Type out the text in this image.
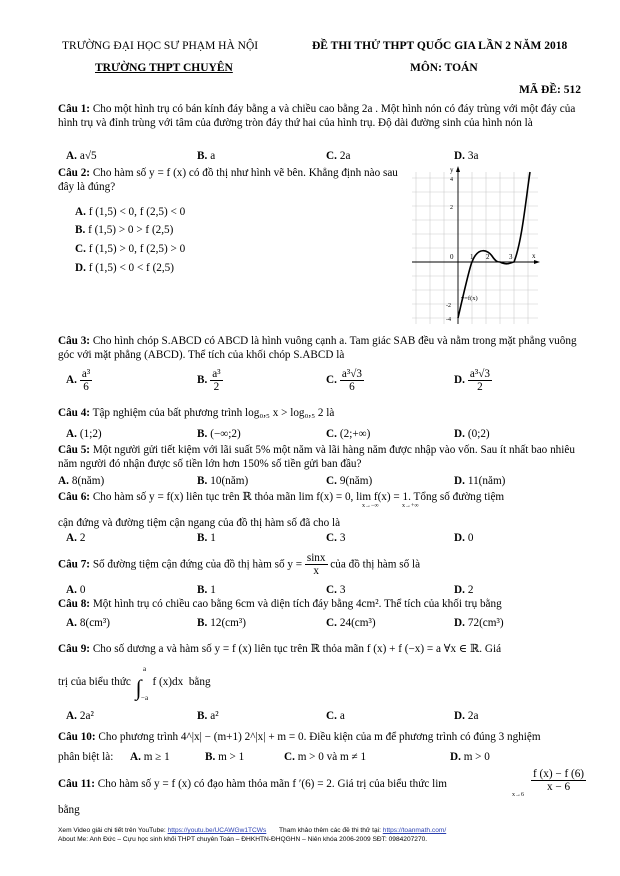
TRƯỜNG ĐẠI HỌC SƯ PHẠM HÀ NỘI	ĐỀ THI THỬ THPT QUỐC GIA LẦN 2 NĂM 2018
TRƯỜNG THPT CHUYÊN	MÔN: TOÁN
MÃ ĐỀ: 512
Câu 1: Cho một hình trụ có bán kính đáy bằng a và chiều cao bằng 2a . Một hình nón có đáy trùng với một đáy của hình trụ và đỉnh trùng với tâm của đường tròn đáy thứ hai của hình trụ. Độ dài đường sinh của hình nón là
A. a√5	B. a	C. 2a	D. 3a
Câu 2: Cho hàm số y = f (x) có đồ thị như hình vẽ bên. Khẳng định nào sau đây là đúng?
A. f (1,5) < 0, f (2,5) < 0
B. f (1,5) > 0 > f (2,5)
C. f (1,5) > 0, f (2,5) > 0
D. f (1,5) < 0 < f (2,5)
y
x
0
4
2
-2
-4
1 2	3
y=f(x)
Câu 3: Cho hình chóp S.ABCD có ABCD là hình vuông cạnh a. Tam giác SAB đều và nằm trong mặt phẳng vuông góc với mặt phẳng (ABCD). Thể tích của khối chóp S.ABCD là
A. $\frac{\text{a³}}{6}$	B. $\frac{\text{a³}}{2}$	C. $\frac{\text{a³√3}}{6}$	D. $\frac{\text{a³√3}}{2}$
Câu 4: Tập nghiệm của bất phương trình log₀,₅ x > log₀,₅ 2 là
A. (1;2)	B. (−∞;2)	C. (2;+∞)	D. (0;2)
Câu 5: Một người gửi tiết kiệm với lãi suất 5% một năm và lãi hàng năm được nhập vào vốn. Sau ít nhất bao nhiêu năm người đó nhận được số tiền lớn hơn 150% số tiền gửi ban đầu?
A. 8(năm)	B. 10(năm)	C. 9(năm)	D. 11(năm)
Câu 6: Cho hàm số y = f(x) liên tục trên ℝ thỏa mãn lim f(x) = 0, lim f(x) = 1. Tổng số đường tiệm
x→−∞	x→+∞
cận đứng và đường tiệm cận ngang của đồ thị hàm số đã cho là
A. 2	B. 1	C. 3	D. 0
Câu 7: Số đường tiệm cận đứng của đồ thị hàm số $y = \frac{\sin x}{x}$ của đồ thị hàm số là
A. 0	B. 1	C. 3	D. 2
Câu 8: Một hình trụ có chiều cao bằng 6cm và diện tích đáy bằng 4cm². Thể tích của khối trụ bằng
A. 8(cm³)	B. 12(cm³)	C. 24(cm³)	D. 72(cm³)
Câu 9: Cho số dương a và hàm số y = f (x) liên tục trên ℝ thỏa mãn f (x) + f (−x) = a ∀x ∈ ℝ. Giá
trị của biểu thức ∫ f (x)dx bằng
a
−a
A. 2a²	B. a²	C. a	D. 2a
Câu 10: Cho phương trình 4^|x| − (m+1) 2^|x| + m = 0. Điều kiện của m để phương trình có đúng 3 nghiệm
phân biệt là: A. m ≥ 1	B. m > 1	C. m > 0 và m ≠ 1	D. m > 0
Câu 11: Cho hàm số y = f (x) có đạo hàm thỏa mãn f ′(6) = 2. Giá trị của biểu thức lim
x→6
$\frac{f (x) - f (6)}{x - 6}$
bằng
Xem Video giải chi tiết trên YouTube: https://youtu.be/UCAWGw1TCWs Tham khảo thêm các đề thi thử tại: https://toanmath.com/
About Me: Anh Đức – Cựu học sinh khối THPT chuyên Toán – ĐHKHTN-ĐHQGHN – Niên khóa 2006-2009 SĐT: 0984207270.
